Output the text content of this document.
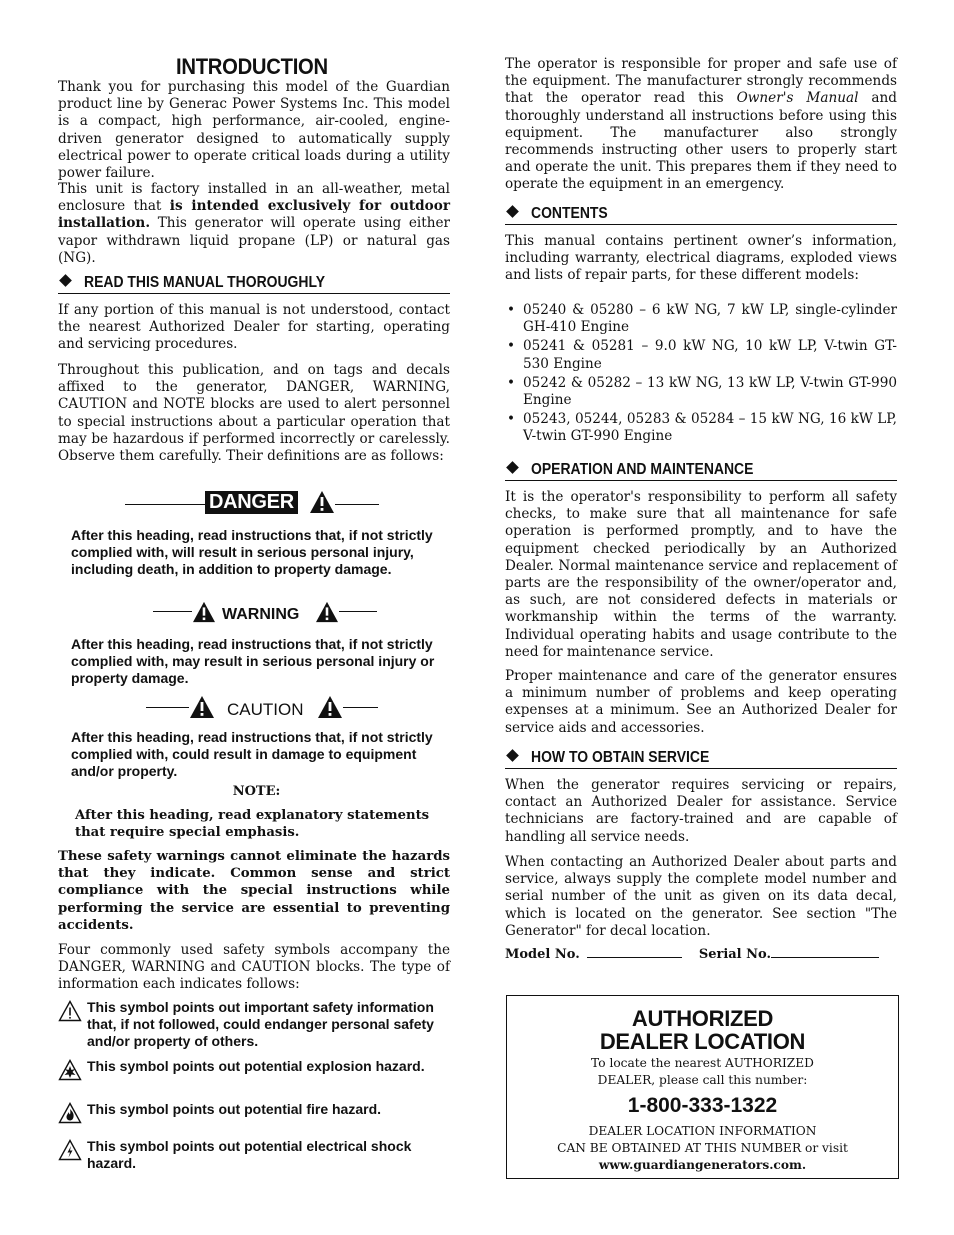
INTRODUCTION

Thank you for purchasing this model of the Guardian product line by Generac Power Systems Inc. This model is a compact, high performance, air-cooled, engine-driven generator designed to automatically supply electrical power to operate critical loads during a utility power failure.

This unit is factory installed in an all-weather, metal enclosure that is intended exclusively for outdoor installation. This generator will operate using either vapor withdrawn liquid propane (LP) or natural gas (NG).

READ THIS MANUAL THOROUGHLY

If any portion of this manual is not understood, contact the nearest Authorized Dealer for starting, operating and servicing procedures.

Throughout this publication, and on tags and decals affixed to the generator, DANGER, WARNING, CAUTION and NOTE blocks are used to alert personnel to special instructions about a particular operation that may be hazardous if performed incorrectly or carelessly. Observe them carefully. Their definitions are as follows:

DANGER

After this heading, read instructions that, if not strictly complied with, will result in serious personal injury, including death, in addition to property damage.

WARNING

After this heading, read instructions that, if not strictly complied with, may result in serious personal injury or property damage.

CAUTION

After this heading, read instructions that, if not strictly complied with, could result in damage to equipment and/or property.

NOTE:

After this heading, read explanatory statements that require special emphasis.

These safety warnings cannot eliminate the hazards that they indicate. Common sense and strict compliance with the special instructions while performing the service are essential to preventing accidents.

Four commonly used safety symbols accompany the DANGER, WARNING and CAUTION blocks. The type of information each indicates follows:

This symbol points out important safety information that, if not followed, could endanger personal safety and/or property of others.
This symbol points out potential explosion hazard.
This symbol points out potential fire hazard.
This symbol points out potential electrical shock hazard.

The operator is responsible for proper and safe use of the equipment. The manufacturer strongly recommends that the operator read this Owner's Manual and thoroughly understand all instructions before using this equipment. The manufacturer also strongly recommends instructing other users to properly start and operate the unit. This prepares them if they need to operate the equipment in an emergency.

CONTENTS

This manual contains pertinent owner’s information, including warranty, electrical diagrams, exploded views and lists of repair parts, for these different models:

• 05240 & 05280 – 6 kW NG, 7 kW LP, single-cylinder GH-410 Engine
• 05241 & 05281 – 9.0 kW NG, 10 kW LP, V-twin GT-530 Engine
• 05242 & 05282 – 13 kW NG, 13 kW LP, V-twin GT-990 Engine
• 05243, 05244, 05283 & 05284 – 15 kW NG, 16 kW LP, V-twin GT-990 Engine
OPERATION AND MAINTENANCE

It is the operator's responsibility to perform all safety checks, to make sure that all maintenance for safe operation is performed promptly, and to have the equipment checked periodically by an Authorized Dealer. Normal maintenance service and replacement of parts are the responsibility of the owner/operator and, as such, are not considered defects in materials or workmanship within the terms of the warranty. Individual operating habits and usage contribute to the need for maintenance service.

Proper maintenance and care of the generator ensures a minimum number of problems and keep operating expenses at a minimum. See an Authorized Dealer for service aids and accessories.

HOW TO OBTAIN SERVICE

When the generator requires servicing or repairs, contact an Authorized Dealer for assistance. Service technicians are factory-trained and are capable of handling all service needs.

When contacting an Authorized Dealer about parts and service, always supply the complete model number and serial number of the unit as given on its data decal, which is located on the generator. See section "The Generator" for decal location.

Model No.	Serial No.
AUTHORIZED
DEALER LOCATION
To locate the nearest AUTHORIZED
DEALER, please call this number:
1-800-333-1322
DEALER LOCATION INFORMATION
CAN BE OBTAINED AT THIS NUMBER or visit
www.guardiangenerators.com.
